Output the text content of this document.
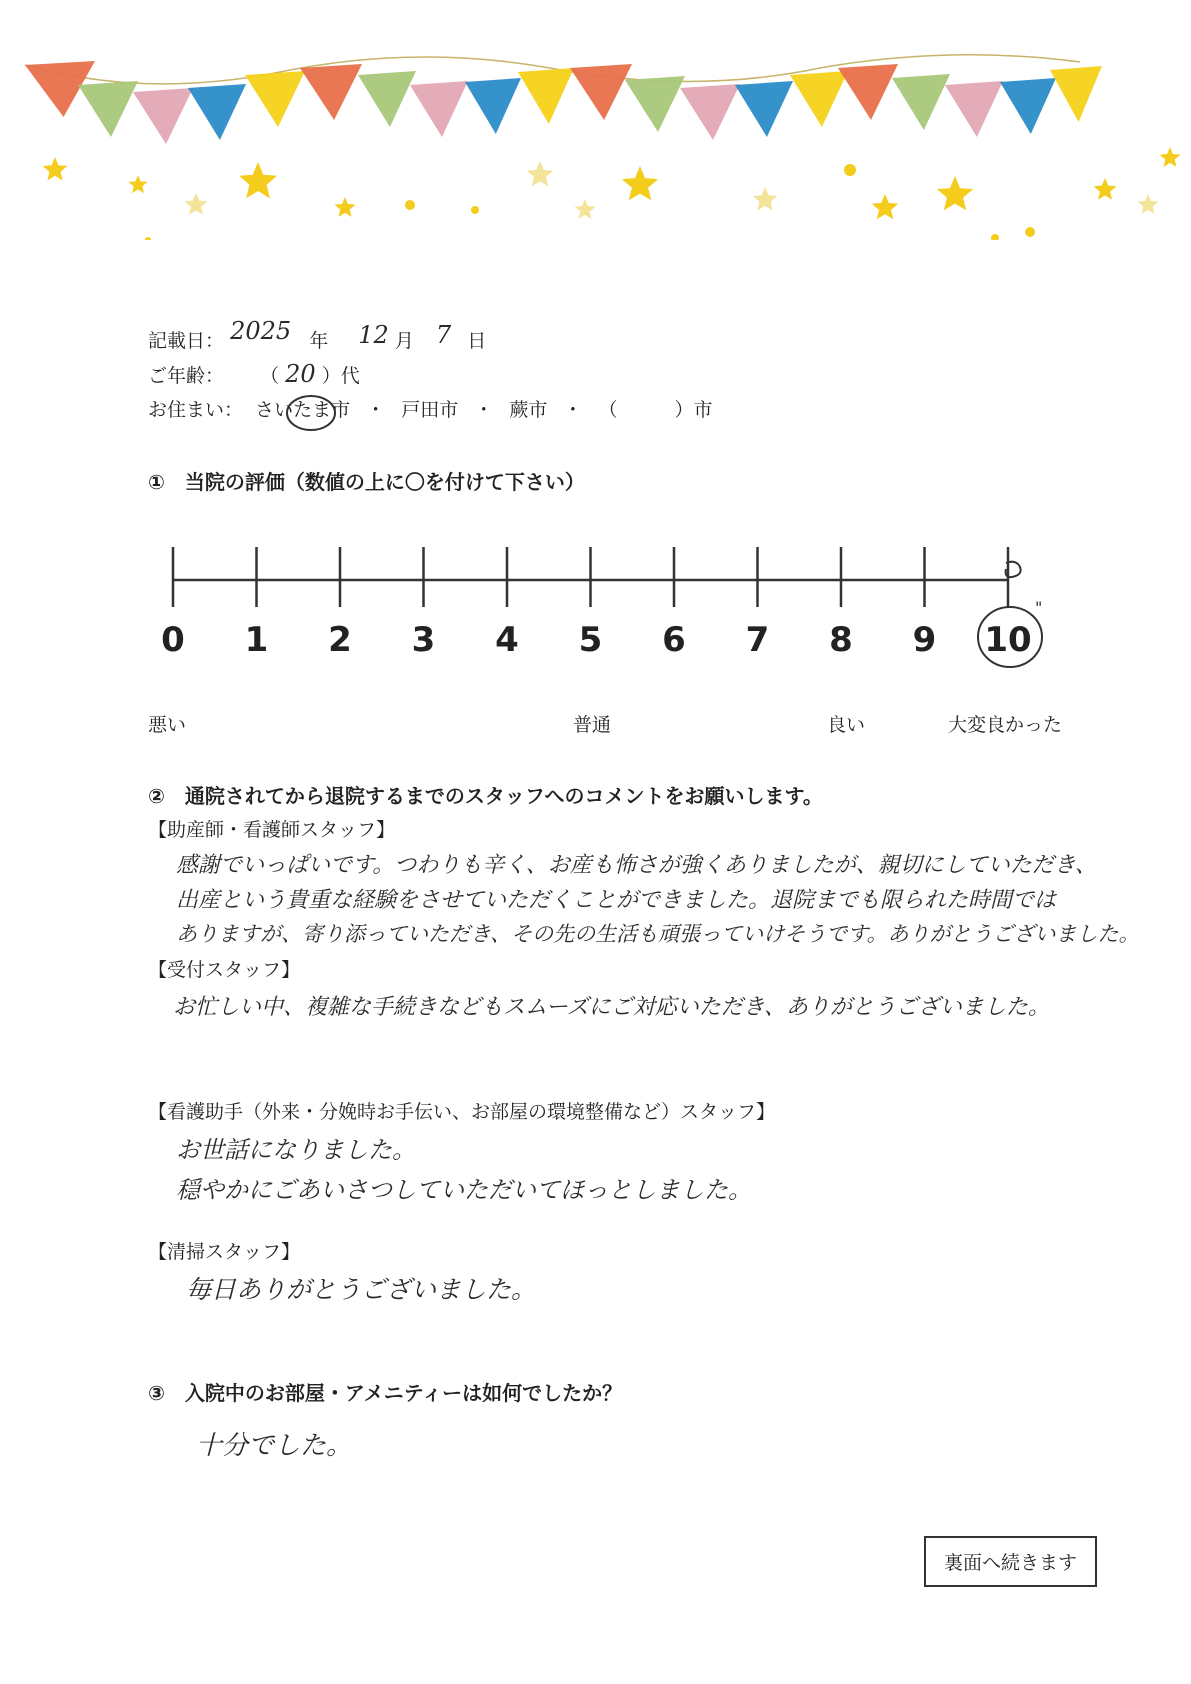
記載日： 2025 年 12 月 7 日
ご年齢： （ 20 ）代
お住まい： さいたま市 ・ 戸田市 ・ 蕨市 ・ （　　　）市
①　当院の評価（数値の上に〇を付けて下さい）
0 1 2 3 4 5 6 7 8 9 10
"
悪い	普通	良い	大変良かった
②　通院されてから退院するまでのスタッフへのコメントをお願いします。
【助産師・看護師スタッフ】
感謝でいっぱいです。つわりも辛く、お産も怖さが強くありましたが、親切にしていただき、
出産という貴重な経験をさせていただくことができました。退院までも限られた時間では
ありますが、寄り添っていただき、その先の生活も頑張っていけそうです。ありがとうございました。
【受付スタッフ】
お忙しい中、複雑な手続きなどもスムーズにご対応いただき、ありがとうございました。
【看護助手（外来・分娩時お手伝い、お部屋の環境整備など）スタッフ】
お世話になりました。
穏やかにごあいさつしていただいてほっとしました。
【清掃スタッフ】
毎日ありがとうございました。
③　入院中のお部屋・アメニティーは如何でしたか？
十分でした。
裏面へ続きます
